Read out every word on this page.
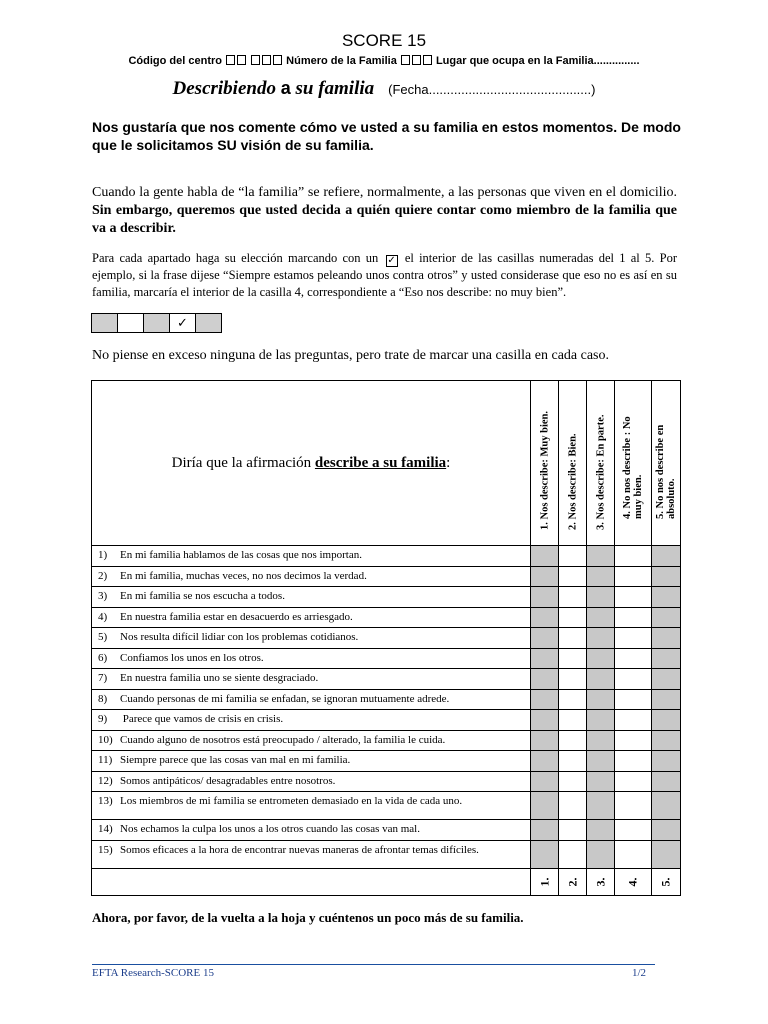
SCORE 15
Código del centro	Número de la Familia	Lugar que ocupa en la Familia...............
Describiendo a su familia (Fecha.............................................)
Nos gustaría que nos comente cómo ve usted a su familia en estos momentos. De modo que le solicitamos SU visión de su familia.
Cuando la gente habla de “la familia” se refiere, normalmente, a las personas que viven en el domicilio. Sin embargo, queremos que usted decida a quién quiere contar como miembro de la familia que va a describir.
Para cada apartado haga su elección marcando con un ✓ el interior de las casillas numeradas del 1 al 5. Por ejemplo, si la frase dijese “Siempre estamos peleando unos contra otros” y usted considerase que eso no es así en su familia, marcaría el interior de la casilla 4, correspondiente a “Eso nos describe: no muy bien”.
✓
No piense en exceso ninguna de las preguntas, pero trate de marcar una casilla en cada caso.
Diría que la afirmación describe a su familia:	1. Nos describe: Muy bien.	2. Nos describe: Bien.	3. Nos describe: En parte.	4. No nos describe : No muy bien.	5. No nos describe en absoluto.

1) En mi familia hablamos de las cosas que nos importan.					
2) En mi familia, muchas veces, no nos decimos la verdad.					
3) En mi familia se nos escucha a todos.					
4) En nuestra familia estar en desacuerdo es arriesgado.					
5) Nos resulta difícil lidiar con los problemas cotidianos.					
6) Confiamos los unos en los otros.					
7) En nuestra familia uno se siente desgraciado.					
8) Cuando personas de mi familia se enfadan, se ignoran mutuamente adrede.					
9) Parece que vamos de crisis en crisis.					
10) Cuando alguno de nosotros está preocupado / alterado, la familia le cuida.					
11) Siempre parece que las cosas van mal en mi familia.					
12) Somos antipáticos/ desagradables entre nosotros.					
13) Los miembros de mi familia se entrometen demasiado en la vida de cada uno.					
14) Nos echamos la culpa los unos a los otros cuando las cosas van mal.					
15) Somos eficaces a la hora de encontrar nuevas maneras de afrontar temas difíciles.					

	1.	2.	3.	4.	5.
Ahora, por favor, de la vuelta a la hoja y cuéntenos un poco más de su familia.
EFTA Research-SCORE 15	1/2
